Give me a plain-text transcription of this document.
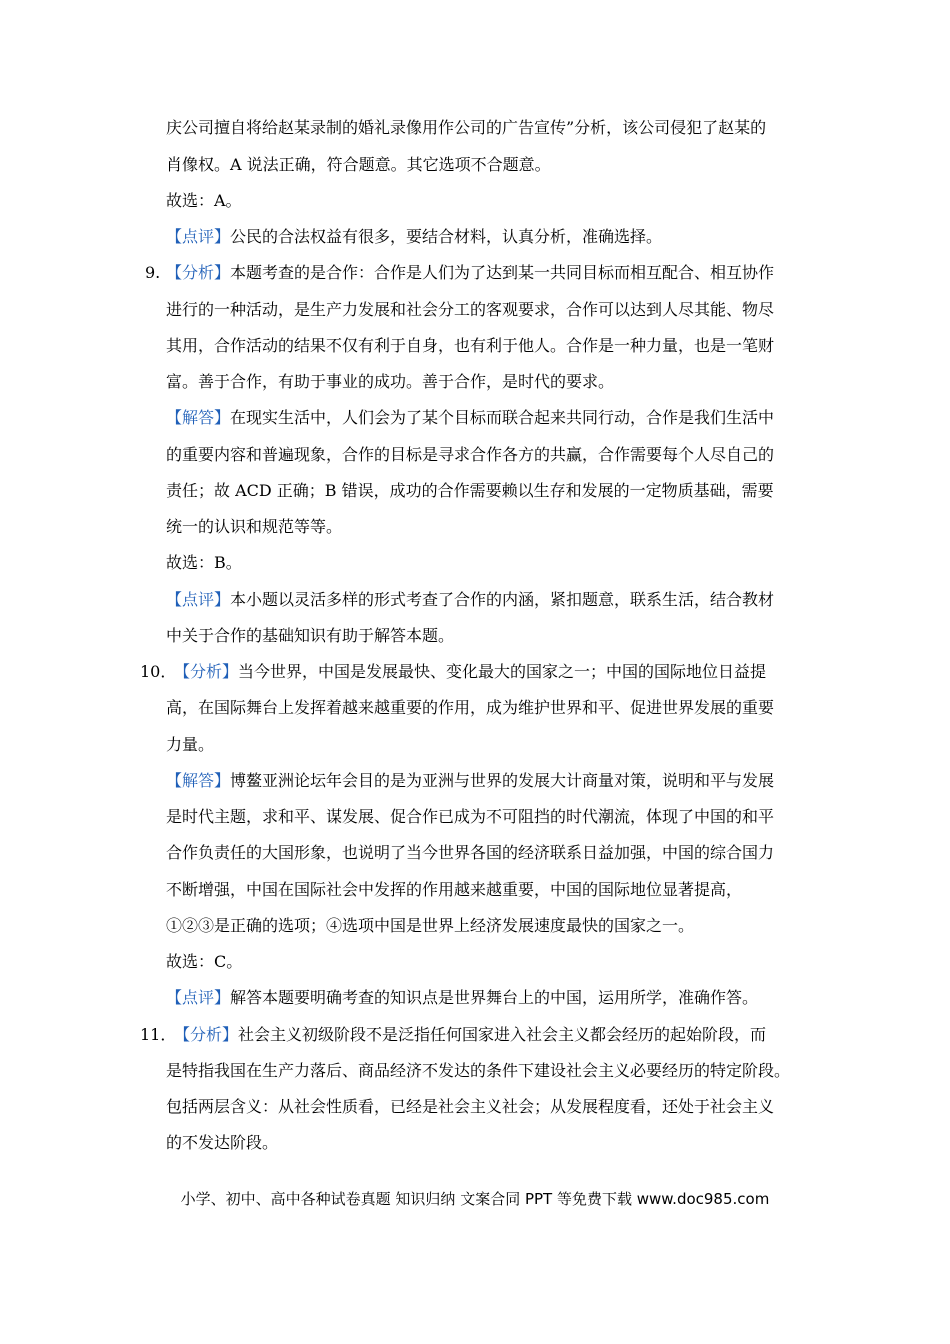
庆公司擅自将给赵某录制的婚礼录像用作公司的广告宣传”分析，该公司侵犯了赵某的
肖像权。A 说法正确，符合题意。其它选项不合题意。
故选：A。
【点评】公民的合法权益有很多，要结合材料，认真分析，准确选择。
9. 【分析】本题考查的是合作：合作是人们为了达到某一共同目标而相互配合、相互协作
进行的一种活动，是生产力发展和社会分工的客观要求，合作可以达到人尽其能、物尽
其用，合作活动的结果不仅有利于自身，也有利于他人。合作是一种力量，也是一笔财
富。善于合作，有助于事业的成功。善于合作，是时代的要求。
【解答】在现实生活中，人们会为了某个目标而联合起来共同行动，合作是我们生活中
的重要内容和普遍现象，合作的目标是寻求合作各方的共赢，合作需要每个人尽自己的
责任；故 ACD 正确；B 错误，成功的合作需要赖以生存和发展的一定物质基础，需要
统一的认识和规范等等。
故选：B。
【点评】本小题以灵活多样的形式考查了合作的内涵，紧扣题意，联系生活，结合教材
中关于合作的基础知识有助于解答本题。
10．
【分析】当今世界，中国是发展最快、变化最大的国家之一；中国的国际地位日益提
高，在国际舞台上发挥着越来越重要的作用，成为维护世界和平、促进世界发展的重要
力量。
【解答】博鳌亚洲论坛年会目的是为亚洲与世界的发展大计商量对策，说明和平与发展
是时代主题，求和平、谋发展、促合作已成为不可阻挡的时代潮流，体现了中国的和平
合作负责任的大国形象，也说明了当今世界各国的经济联系日益加强，中国的综合国力
不断增强，中国在国际社会中发挥的作用越来越重要，中国的国际地位显著提高，
①②③是正确的选项；④选项中国是世界上经济发展速度最快的国家之一。
故选：C。
【点评】解答本题要明确考查的知识点是世界舞台上的中国，运用所学，准确作答。
11．
【分析】社会主义初级阶段不是泛指任何国家进入社会主义都会经历的起始阶段，而
是特指我国在生产力落后、商品经济不发达的条件下建设社会主义必要经历的特定阶段。
包括两层含义：从社会性质看，已经是社会主义社会；从发展程度看，还处于社会主义
的不发达阶段。
小学、初中、高中各种试卷真题 知识归纳 文案合同 PPT 等免费下载 www.doc985.com
